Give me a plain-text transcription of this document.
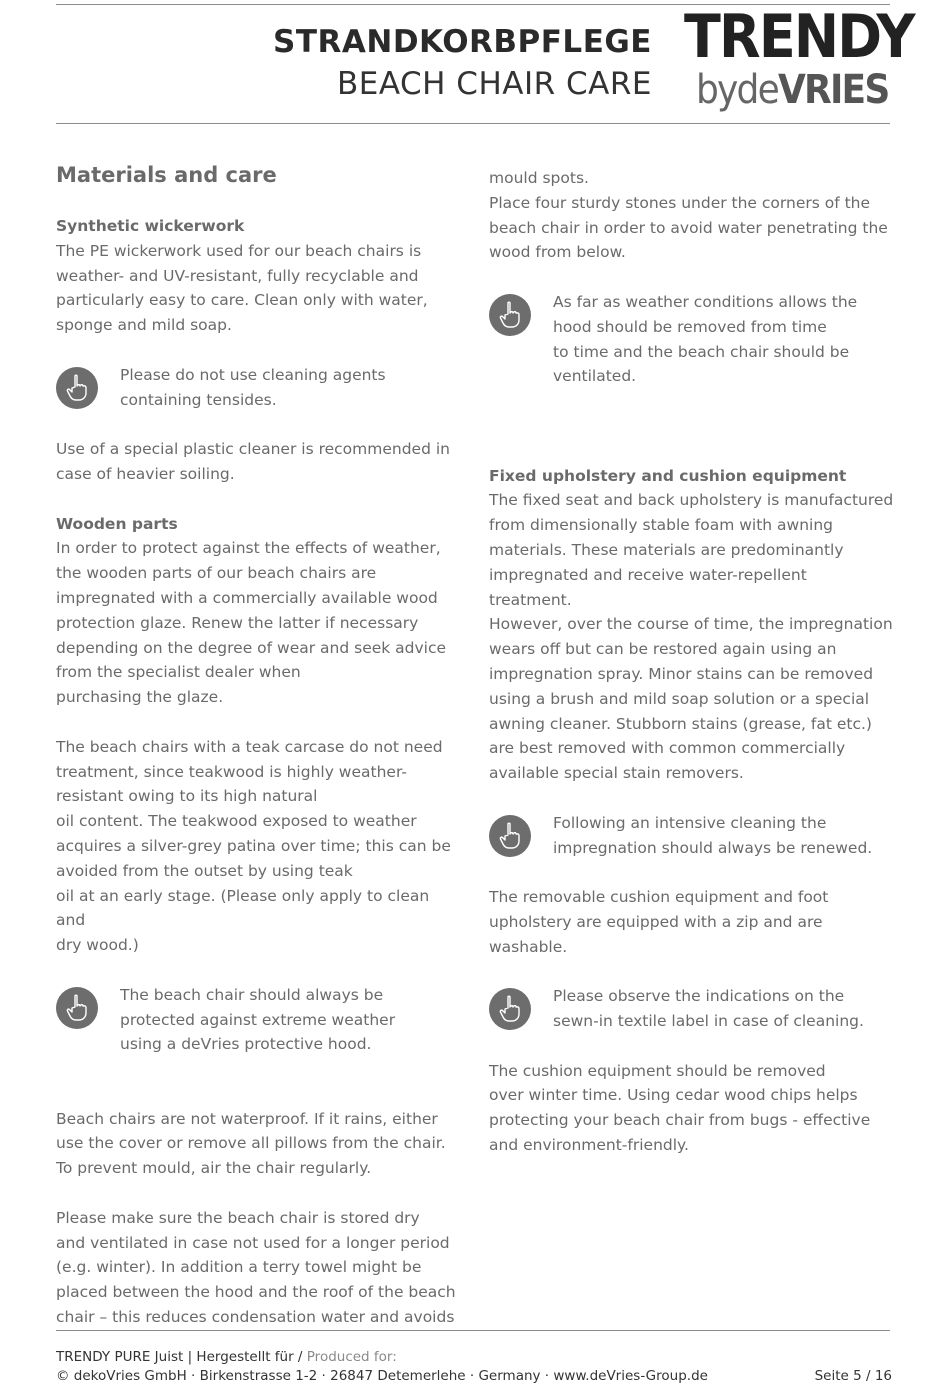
STRANDKORBPFLEGE
BEACH CHAIR CARE
TRENDY
bydeVRIES
Materials and care
Synthetic wickerwork

The PE wickerwork used for our beach chairs is
weather- and UV-resistant, fully recyclable and
particularly easy to care. Clean only with water,
sponge and mild soap.

Please do not use cleaning agents
containing tensides.

Use of a special plastic cleaner is recommended in
case of heavier soiling.

Wooden parts

In order to protect against the effects of weather,
the wooden parts of our beach chairs are
impregnated with a commercially available wood
protection glaze. Renew the latter if necessary
depending on the degree of wear and seek advice
from the specialist dealer when
purchasing the glaze.

The beach chairs with a teak carcase do not need
treatment, since teakwood is highly weather-
resistant owing to its high natural
oil content. The teakwood exposed to weather
acquires a silver-grey patina over time; this can be
avoided from the outset by using teak
oil at an early stage. (Please only apply to clean and
dry wood.)

The beach chair should always be
protected against extreme weather
using a deVries protective hood.

Beach chairs are not waterproof. If it rains, either
use the cover or remove all pillows from the chair.
To prevent mould, air the chair regularly.

Please make sure the beach chair is stored dry
and ventilated in case not used for a longer period
(e.g. winter). In addition a terry towel might be
placed between the hood and the roof of the beach
chair – this reduces condensation water and avoids

mould spots.
Place four sturdy stones under the corners of the
beach chair in order to avoid water penetrating the
wood from below.

As far as weather conditions allows the
hood should be removed from time
to time and the beach chair should be
ventilated.
Fixed upholstery and cushion equipment

The fixed seat and back upholstery is manufactured
from dimensionally stable foam with awning
materials. These materials are predominantly
impregnated and receive water-repellent
treatment.
However, over the course of time, the impregnation
wears off but can be restored again using an
impregnation spray. Minor stains can be removed
using a brush and mild soap solution or a special
awning cleaner. Stubborn stains (grease, fat etc.)
are best removed with common commercially
available special stain removers.

Following an intensive cleaning the
impregnation should always be renewed.

The removable cushion equipment and foot
upholstery are equipped with a zip and are
washable.

Please observe the indications on the
sewn-in textile label in case of cleaning.

The cushion equipment should be removed
over winter time. Using cedar wood chips helps
protecting your beach chair from bugs - effective
and environment-friendly.

TRENDY PURE Juist | Hergestellt für / Produced for:
© dekoVries GmbH · Birkenstrasse 1-2 · 26847 Detemerlehe · Germany · www.deVries-Group.de	Seite 5 / 16
